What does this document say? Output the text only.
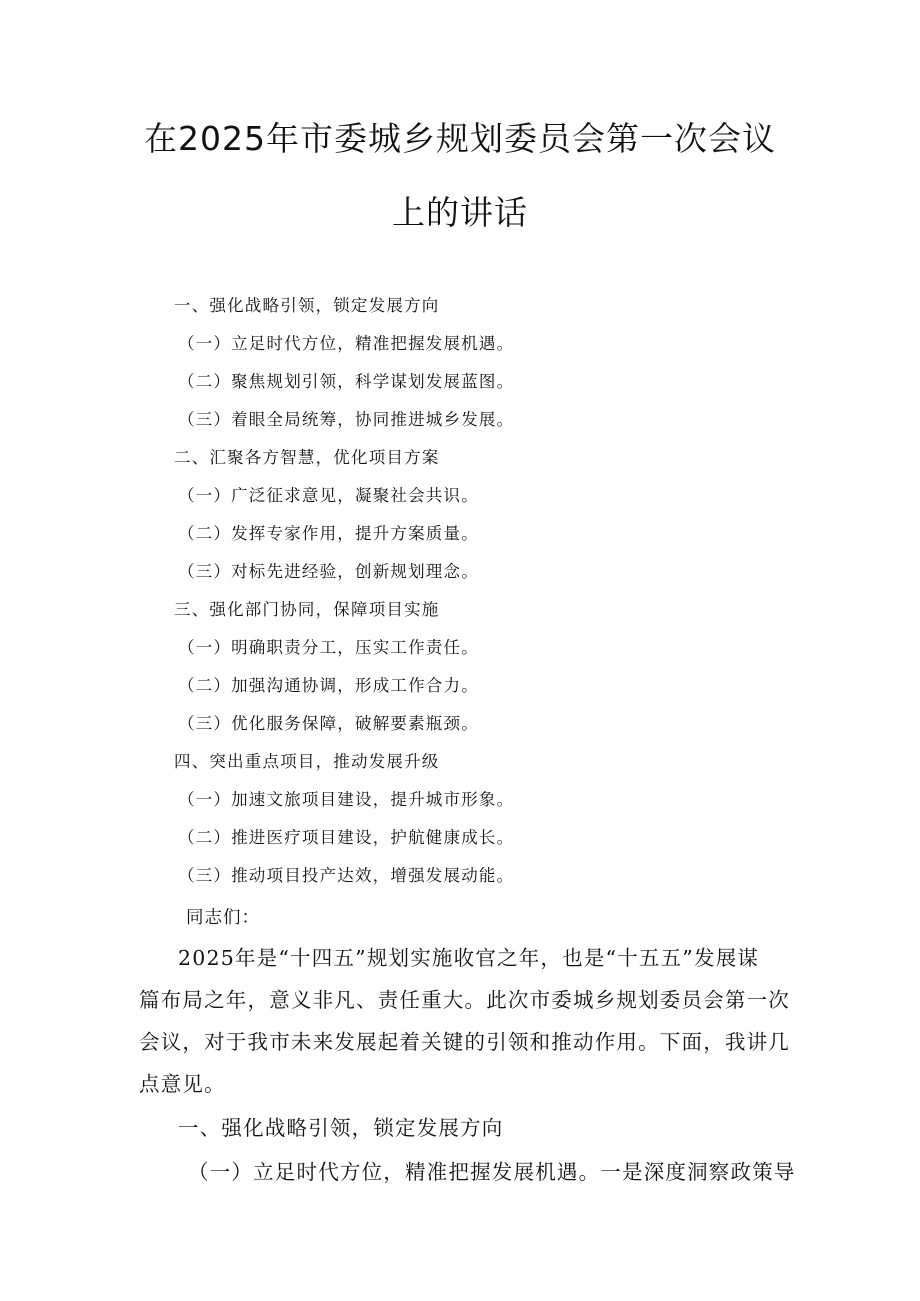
在2025年市委城乡规划委员会第一次会议
上的讲话
一、强化战略引领，锁定发展方向
（一）立足时代方位，精准把握发展机遇。
（二）聚焦规划引领，科学谋划发展蓝图。
（三）着眼全局统筹，协同推进城乡发展。
二、汇聚各方智慧，优化项目方案
（一）广泛征求意见，凝聚社会共识。
（二）发挥专家作用，提升方案质量。
（三）对标先进经验，创新规划理念。
三、强化部门协同，保障项目实施
（一）明确职责分工，压实工作责任。
（二）加强沟通协调，形成工作合力。
（三）优化服务保障，破解要素瓶颈。
四、突出重点项目，推动发展升级
（一）加速文旅项目建设，提升城市形象。
（二）推进医疗项目建设，护航健康成长。
（三）推动项目投产达效，增强发展动能。
同志们：
2025年是“十四五”规划实施收官之年，也是“十五五”发展谋
篇布局之年，意义非凡、责任重大。此次市委城乡规划委员会第一次
会议，对于我市未来发展起着关键的引领和推动作用。下面，我讲几
点意见。
一、强化战略引领，锁定发展方向
（一）立足时代方位，精准把握发展机遇。一是深度洞察政策导
